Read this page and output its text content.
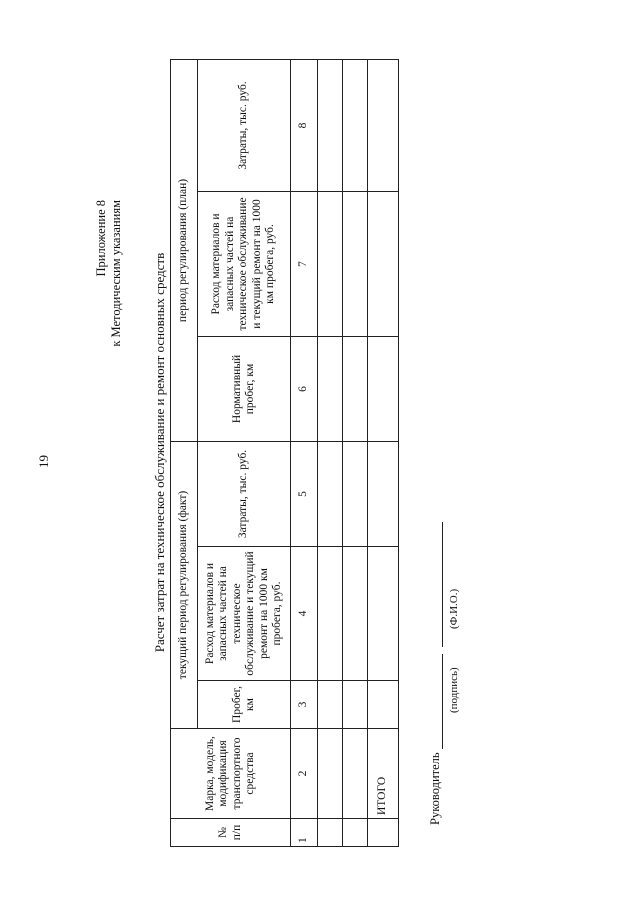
19
Приложение 8 к Методическим указаниям Расчет затрат на техническое обслуживание и ремонт основных средств
№ п/п	Марка, модель, модификация транспортного средства	текущий период регулирования (факт)			период регулирования (план)		
		Пробег, км	Расход материалов и запасных частей на техническое обслуживание и текущий ремонт на 1000 км пробега, руб.	Затраты, тыс. руб.	Нормативный пробег, км	Расход материалов и запасных частей на техническое обслуживание и текущий ремонт на 1000 км пробега, руб.	Затраты, тыс. руб.
1	2	3	4	5	6	7	8

	ИТОГО							Руководитель
(подпись)
(Ф.И.О.)
